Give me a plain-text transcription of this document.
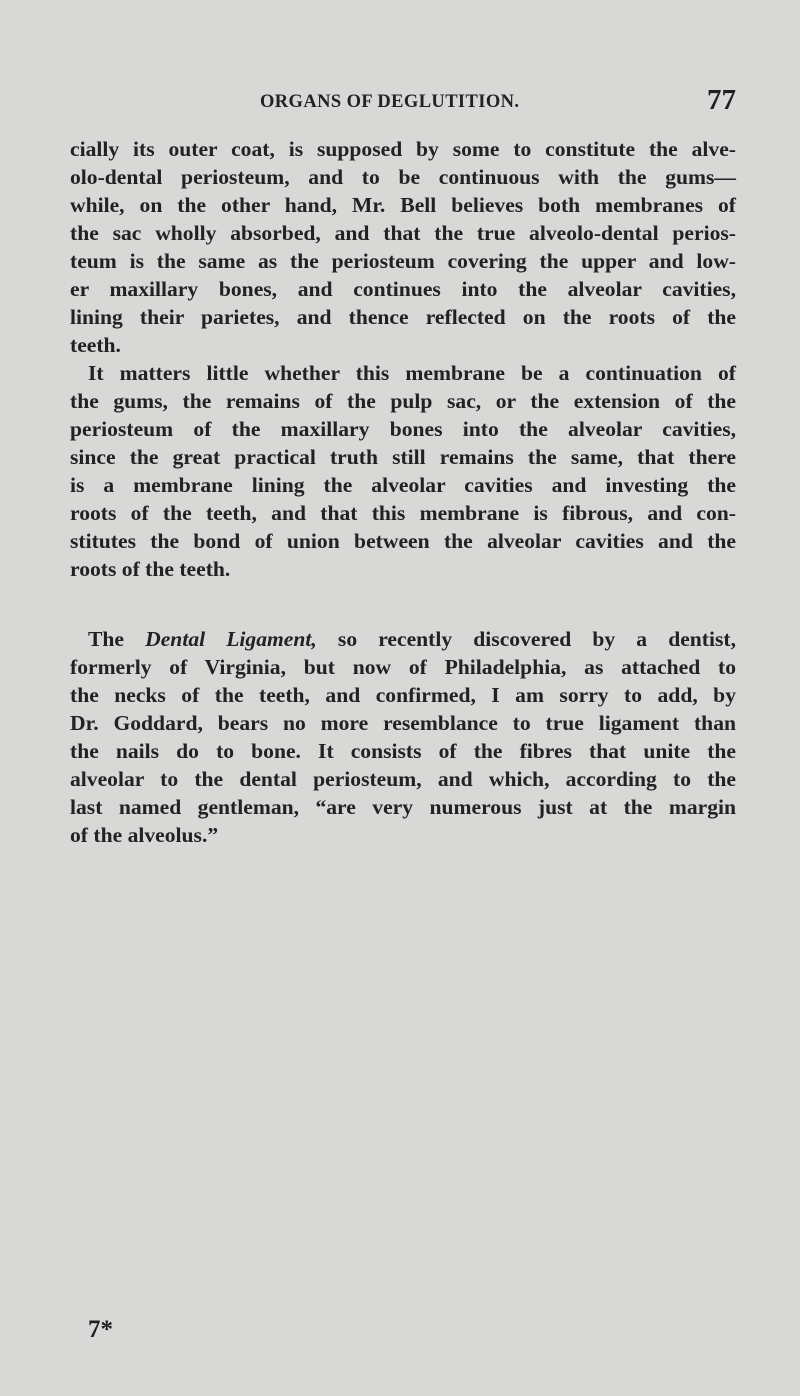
ORGANS OF DEGLUTITION.	77
cially its outer coat, is supposed by some to constitute the alve-
olo-dental periosteum, and to be continuous with the gums—
while, on the other hand, Mr. Bell believes both membranes of
the sac wholly absorbed, and that the true alveolo-dental perios-
teum is the same as the periosteum covering the upper and low-
er maxillary bones, and continues into the alveolar cavities,
lining their parietes, and thence reflected on the roots of the
teeth.
It matters little whether this membrane be a continuation of
the gums, the remains of the pulp sac, or the extension of the
periosteum of the maxillary bones into the alveolar cavities,
since the great practical truth still remains the same, that there
is a membrane lining the alveolar cavities and investing the
roots of the teeth, and that this membrane is fibrous, and con-
stitutes the bond of union between the alveolar cavities and the
roots of the teeth.
The Dental Ligament, so recently discovered by a dentist,
formerly of Virginia, but now of Philadelphia, as attached to
the necks of the teeth, and confirmed, I am sorry to add, by
Dr. Goddard, bears no more resemblance to true ligament than
the nails do to bone. It consists of the fibres that unite the
alveolar to the dental periosteum, and which, according to the
last named gentleman, “are very numerous just at the margin
of the alveolus.”
7*
